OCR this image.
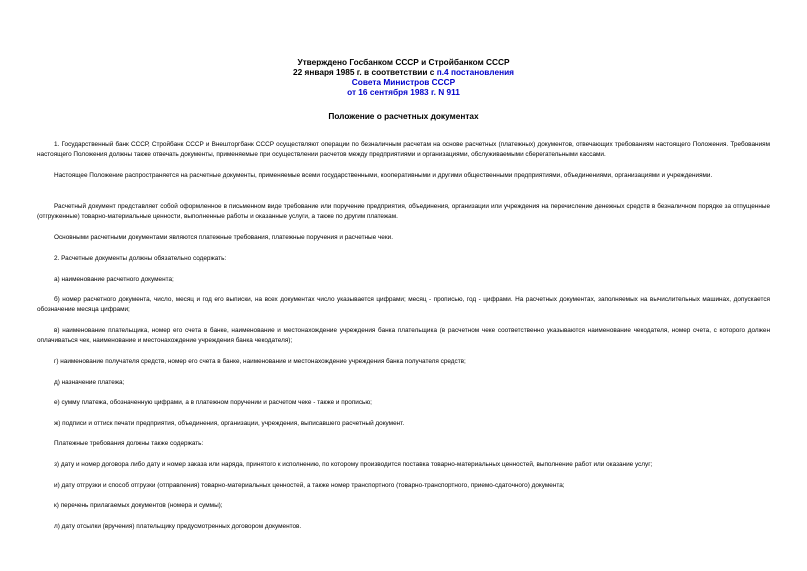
Утверждено Госбанком СССР и Стройбанком СССР
22 января 1985 г. в соответствии с п.4 постановления
Совета Министров СССР
от 16 сентября 1983 г. N 911
Положение о расчетных документах

1. Государственный банк СССР, Стройбанк СССР и Внешторгбанк СССР осуществляют операции по безналичным расчетам на основе расчетных (платежных) документов, отвечающих требованиям настоящего Положения. Требованиям настоящего Положения должны также отвечать документы, применяемые при осуществлении расчетов между предприятиями и организациями, обслуживаемыми сберегательными кассами.

Настоящее Положение распространяется на расчетные документы, применяемые всеми государственными, кооперативными и другими общественными предприятиями, объединениями, организациями и учреждениями.

Расчетный документ представляет собой оформленное в письменном виде требование или поручение предприятия, объединения, организации или учреждения на перечисление денежных средств в безналичном порядке за отпущенные (отгруженные) товарно-материальные ценности, выполненные работы и оказанные услуги, а также по другим платежам.

Основными расчетными документами являются платежные требования, платежные поручения и расчетные чеки.

2. Расчетные документы должны обязательно содержать:

а) наименование расчетного документа;

б) номер расчетного документа, число, месяц и год его выписки, на всех документах число указывается цифрами; месяц - прописью, год - цифрами. На расчетных документах, заполняемых на вычислительных машинах, допускается обозначение месяца цифрами;

в) наименование плательщика, номер его счета в банке, наименование и местонахождение учреждения банка плательщика (в расчетном чеке соответственно указываются наименование чекодателя, номер счета, с которого должен оплачиваться чек, наименование и местонахождение учреждения банка чекодателя);

г) наименование получателя средств, номер его счета в банке, наименование и местонахождение учреждения банка получателя средств;

д) назначение платежа;

е) сумму платежа, обозначенную цифрами, а в платежном поручении и расчетом чеке - также и прописью;

ж) подписи и оттиск печати предприятия, объединения, организации, учреждения, выписавшего расчетный документ.

Платежные требования должны также содержать:

з) дату и номер договора либо дату и номер заказа или наряда, принятого к исполнению, по которому производится поставка товарно-материальных ценностей, выполнение работ или оказание услуг;

и) дату отгрузки и способ отгрузки (отправления) товарно-материальных ценностей, а также номер транспортного (товарно-транспортного, приемо-сдаточного) документа;

к) перечень прилагаемых документов (номера и суммы);

л) дату отсылки (вручения) плательщику предусмотренных договором документов.
